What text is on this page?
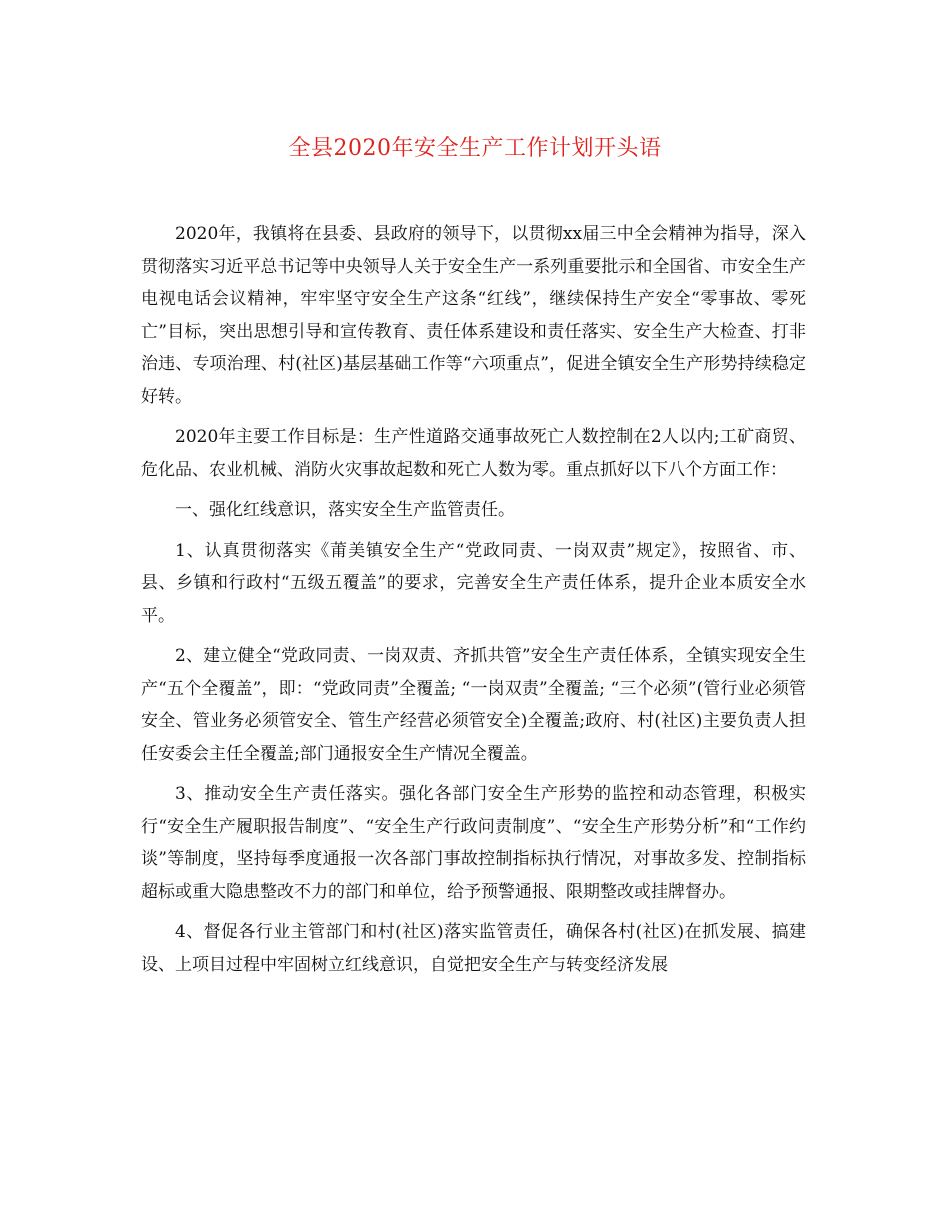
全县2020年安全生产工作计划开头语

2020年，我镇将在县委、县政府的领导下，以贯彻xx届三中全会精神为指导，深入贯彻落实习近平总书记等中央领导人关于安全生产一系列重要批示和全国省、市安全生产电视电话会议精神，牢牢坚守安全生产这条“红线”，继续保持生产安全“零事故、零死亡”目标，突出思想引导和宣传教育、责任体系建设和责任落实、安全生产大检查、打非治违、专项治理、村(社区)基层基础工作等“六项重点”，促进全镇安全生产形势持续稳定好转。

2020年主要工作目标是：生产性道路交通事故死亡人数控制在2人以内;工矿商贸、危化品、农业机械、消防火灾事故起数和死亡人数为零。重点抓好以下八个方面工作：

一、强化红线意识，落实安全生产监管责任。

1、认真贯彻落实《莆美镇安全生产“党政同责、一岗双责”规定》，按照省、市、县、乡镇和行政村“五级五覆盖”的要求，完善安全生产责任体系，提升企业本质安全水平。

2、建立健全“党政同责、一岗双责、齐抓共管”安全生产责任体系，全镇实现安全生产“五个全覆盖”，即：“党政同责”全覆盖; “一岗双责”全覆盖; “三个必须”(管行业必须管安全、管业务必须管安全、管生产经营必须管安全)全覆盖;政府、村(社区)主要负责人担任安委会主任全覆盖;部门通报安全生产情况全覆盖。

3、推动安全生产责任落实。强化各部门安全生产形势的监控和动态管理，积极实行“安全生产履职报告制度”、“安全生产行政问责制度”、“安全生产形势分析”和“工作约谈”等制度，坚持每季度通报一次各部门事故控制指标执行情况，对事故多发、控制指标超标或重大隐患整改不力的部门和单位，给予预警通报、限期整改或挂牌督办。

4、督促各行业主管部门和村(社区)落实监管责任，确保各村(社区)在抓发展、搞建设、上项目过程中牢固树立红线意识，自觉把安全生产与转变经济发展
